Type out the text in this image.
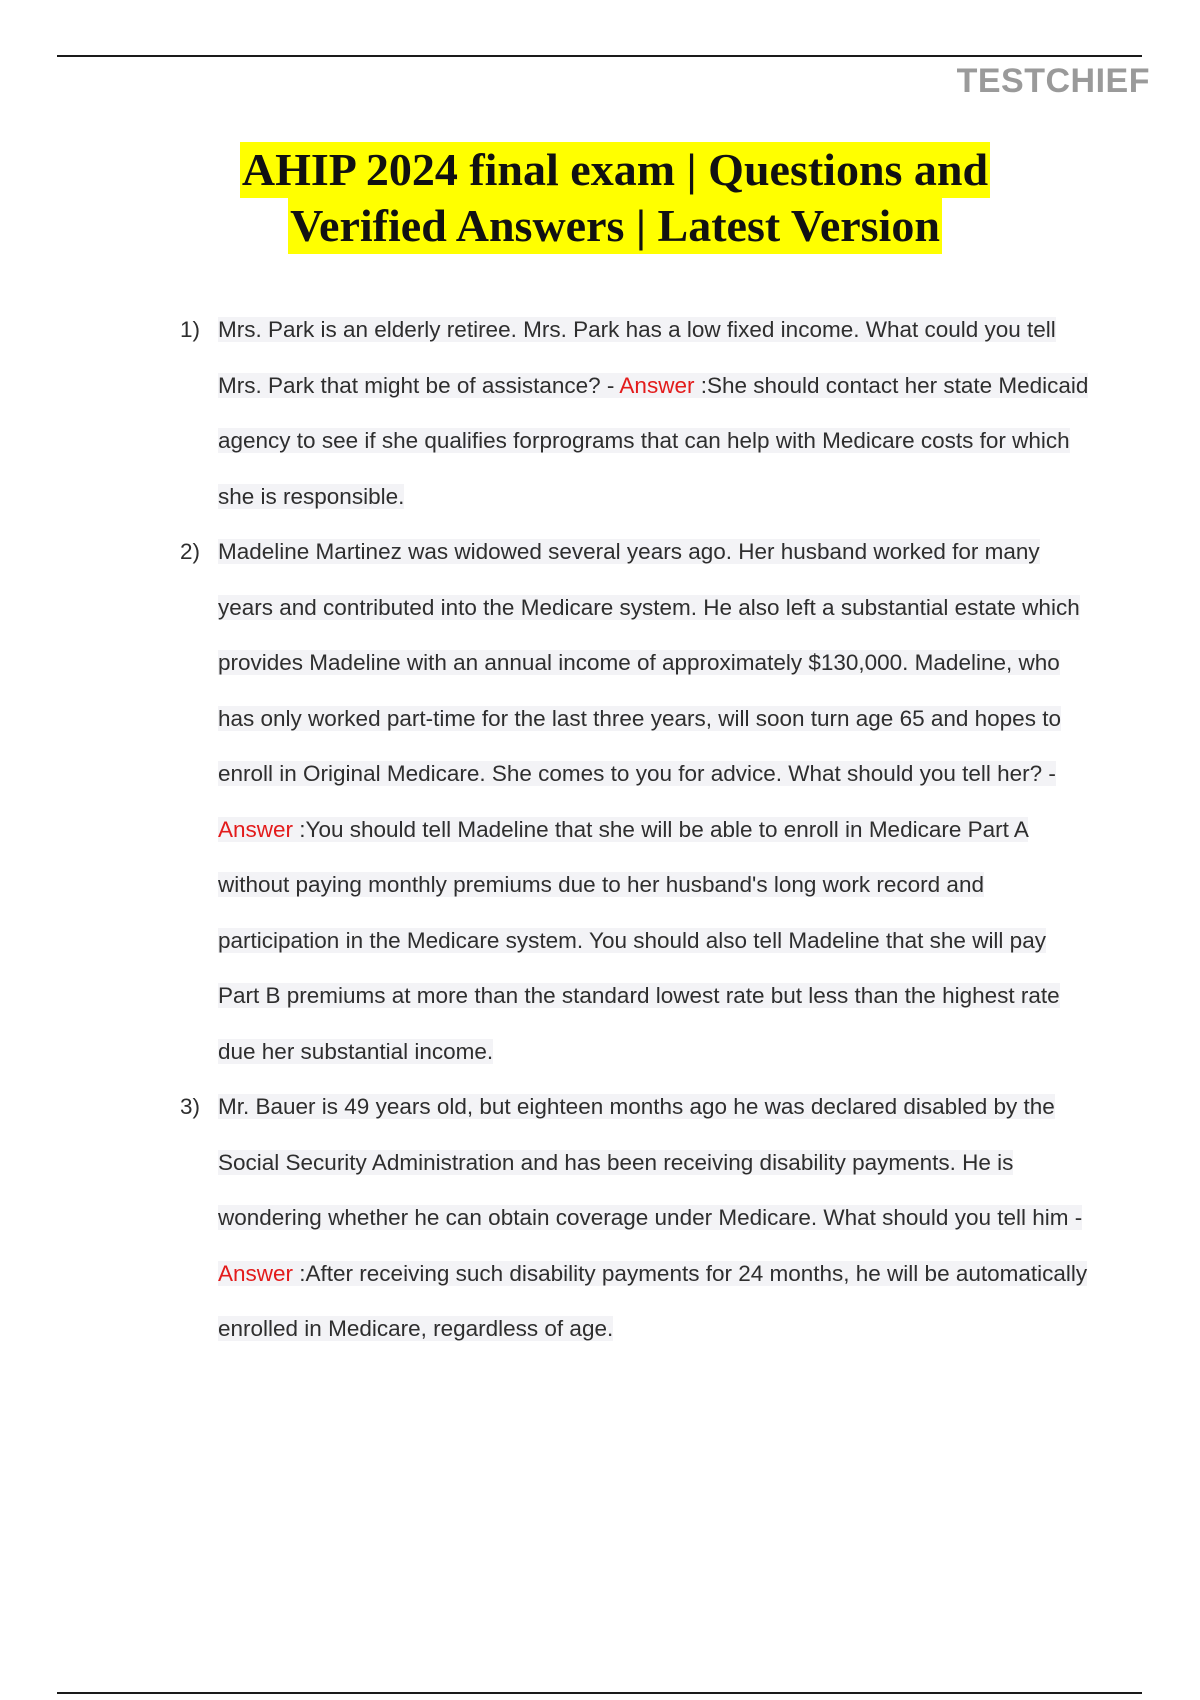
TESTCHIEF
AHIP 2024 final exam | Questions and
Verified Answers | Latest Version
1) Mrs. Park is an elderly retiree. Mrs. Park has a low fixed income. What could you tell Mrs. Park that might be of assistance? - Answer :She should contact her state Medicaid agency to see if she qualifies forprograms that can help with Medicare costs for which she is responsible.
2) Madeline Martinez was widowed several years ago. Her husband worked for many years and contributed into the Medicare system. He also left a substantial estate which provides Madeline with an annual income of approximately $130,000. Madeline, who has only worked part-time for the last three years, will soon turn age 65 and hopes to enroll in Original Medicare. She comes to you for advice. What should you tell her? - Answer :You should tell Madeline that she will be able to enroll in Medicare Part A without paying monthly premiums due to her husband's long work record and participation in the Medicare system. You should also tell Madeline that she will pay Part B premiums at more than the standard lowest rate but less than the highest rate due her substantial income.
3) Mr. Bauer is 49 years old, but eighteen months ago he was declared disabled by the Social Security Administration and has been receiving disability payments. He is wondering whether he can obtain coverage under Medicare. What should you tell him - Answer :After receiving such disability payments for 24 months, he will be automatically enrolled in Medicare, regardless of age.
